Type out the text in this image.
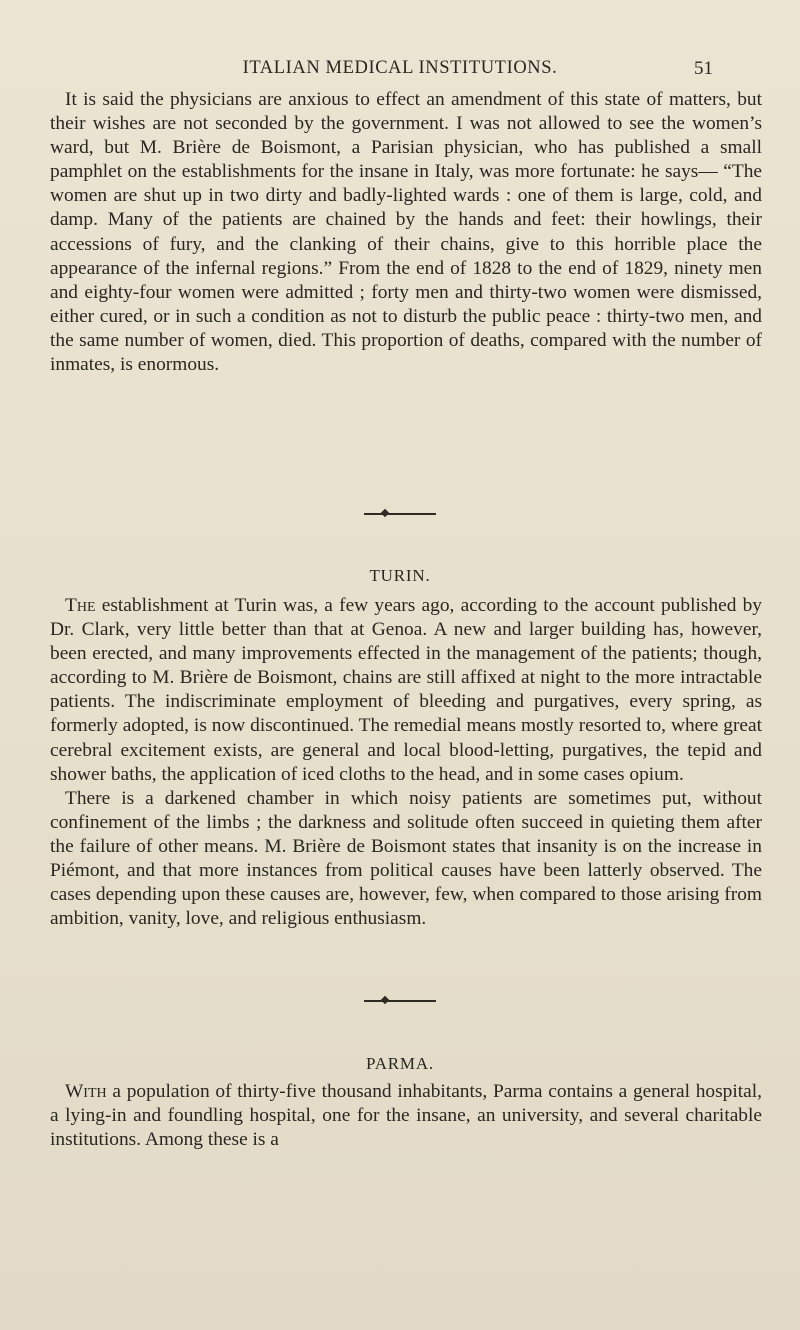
ITALIAN MEDICAL INSTITUTIONS.	51

It is said the physicians are anxious to effect an amendment of this state of matters, but their wishes are not seconded by the government. I was not allowed to see the women’s ward, but M. Brière de Boismont, a Parisian physician, who has published a small pamphlet on the establishments for the insane in Italy, was more fortunate: he says— “The women are shut up in two dirty and badly-lighted wards : one of them is large, cold, and damp. Many of the patients are chained by the hands and feet: their howlings, their accessions of fury, and the clanking of their chains, give to this horrible place the appearance of the infernal regions.” From the end of 1828 to the end of 1829, ninety men and eighty-four women were admitted ; forty men and thirty-two women were dismissed, either cured, or in such a condition as not to disturb the public peace : thirty-two men, and the same number of women, died. This proportion of deaths, compared with the number of inmates, is enormous.

TURIN.

The establishment at Turin was, a few years ago, according to the account published by Dr. Clark, very little better than that at Genoa. A new and larger building has, however, been erected, and many improvements effected in the management of the patients; though, according to M. Brière de Boismont, chains are still affixed at night to the more intractable patients. The indiscriminate employment of bleeding and purgatives, every spring, as formerly adopted, is now discontinued. The remedial means mostly resorted to, where great cerebral excitement exists, are general and local blood-letting, purgatives, the tepid and shower baths, the application of iced cloths to the head, and in some cases opium.

There is a darkened chamber in which noisy patients are sometimes put, without confinement of the limbs ; the darkness and solitude often succeed in quieting them after the failure of other means. M. Brière de Boismont states that insanity is on the increase in Piémont, and that more instances from political causes have been latterly observed. The cases depending upon these causes are, however, few, when compared to those arising from ambition, vanity, love, and religious enthusiasm.

PARMA.

With a population of thirty-five thousand inhabitants, Parma contains a general hospital, a lying-in and foundling hospital, one for the insane, an university, and several charitable institutions. Among these is a
